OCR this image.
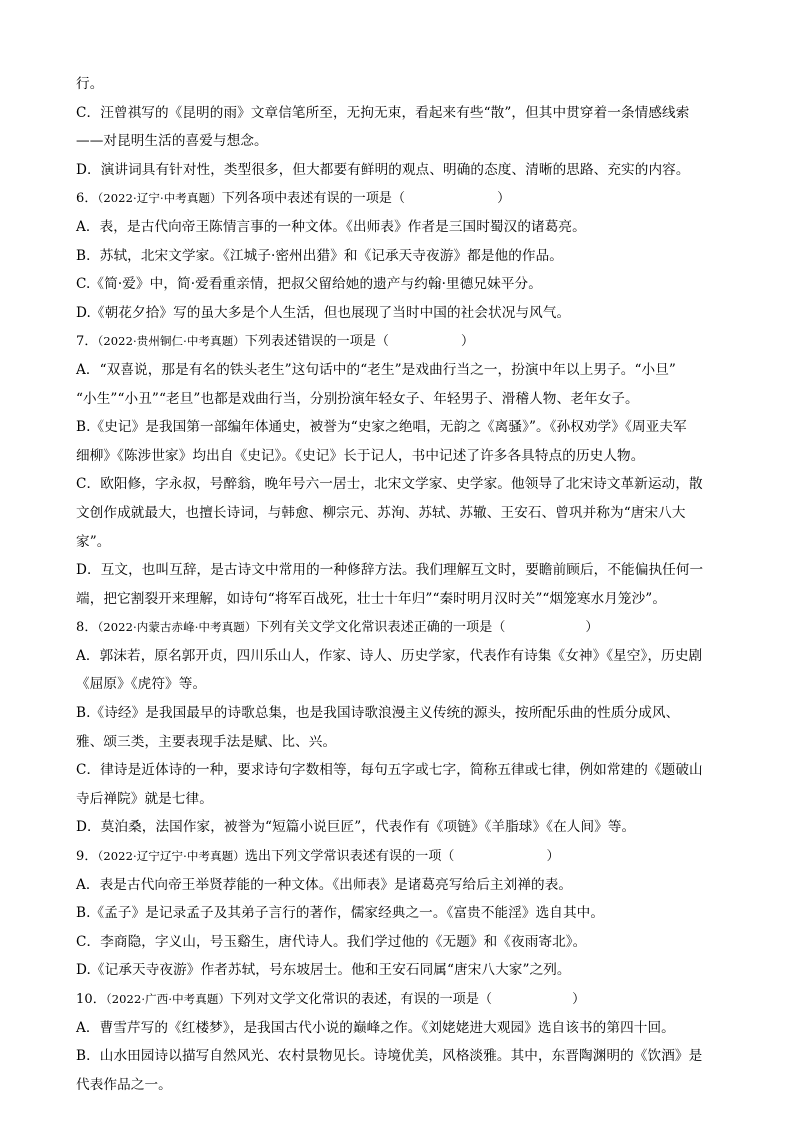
行。
C．汪曾祺写的《昆明的雨》文章信笔所至，无拘无束，看起来有些“散”，但其中贯穿着一条情感线索
——对昆明生活的喜爱与想念。
D．演讲词具有针对性，类型很多，但大都要有鲜明的观点、明确的态度、清晰的思路、充实的内容。
6．（2022·辽宁·中考真题）下列各项中表述有误的一项是（	）
A．表，是古代向帝王陈情言事的一种文体。《出师表》作者是三国时蜀汉的诸葛亮。
B．苏轼，北宋文学家。《江城子·密州出猎》和《记承天寺夜游》都是他的作品。
C.《简·爱》中，简·爱看重亲情，把叔父留给她的遗产与约翰·里德兄妹平分。
D.《朝花夕拾》写的虽大多是个人生活，但也展现了当时中国的社会状况与风气。
7．（2022·贵州铜仁·中考真题）下列表述错误的一项是（	）
A．“双喜说，那是有名的铁头老生”这句话中的“老生”是戏曲行当之一，扮演中年以上男子。“小旦”
“小生”“小丑”“老旦”也都是戏曲行当，分别扮演年轻女子、年轻男子、滑稽人物、老年女子。
B.《史记》是我国第一部编年体通史，被誉为“史家之绝唱，无韵之《离骚》”。《孙权劝学》《周亚夫军
细柳》《陈涉世家》均出自《史记》。《史记》长于记人，书中记述了许多各具特点的历史人物。
C．欧阳修，字永叔，号醉翁，晚年号六一居士，北宋文学家、史学家。他领导了北宋诗文革新运动，散
文创作成就最大，也擅长诗词，与韩愈、柳宗元、苏洵、苏轼、苏辙、王安石、曾巩并称为“唐宋八大
家”。
D．互文，也叫互辞，是古诗文中常用的一种修辞方法。我们理解互文时，要瞻前顾后，不能偏执任何一
端，把它割裂开来理解，如诗句“将军百战死，壮士十年归”“秦时明月汉时关”“烟笼寒水月笼沙”。
8．（2022·内蒙古赤峰·中考真题）下列有关文学文化常识表述正确的一项是（	）
A．郭沫若，原名郭开贞，四川乐山人，作家、诗人、历史学家，代表作有诗集《女神》《星空》，历史剧
《屈原》《虎符》等。
B.《诗经》是我国最早的诗歌总集，也是我国诗歌浪漫主义传统的源头，按所配乐曲的性质分成风、
雅、颂三类，主要表现手法是赋、比、兴。
C．律诗是近体诗的一种，要求诗句字数相等，每句五字或七字，简称五律或七律，例如常建的《题破山
寺后禅院》就是七律。
D．莫泊桑，法国作家，被誉为“短篇小说巨匠”，代表作有《项链》《羊脂球》《在人间》等。
9．（2022·辽宁辽宁·中考真题）选出下列文学常识表述有误的一项（	）
A．表是古代向帝王举贤荐能的一种文体。《出师表》是诸葛亮写给后主刘禅的表。
B.《孟子》是记录孟子及其弟子言行的著作，儒家经典之一。《富贵不能淫》选自其中。
C．李商隐，字义山，号玉谿生，唐代诗人。我们学过他的《无题》和《夜雨寄北》。
D.《记承天寺夜游》作者苏轼，号东坡居士。他和王安石同属“唐宋八大家”之列。
10．（2022·广西·中考真题）下列对文学文化常识的表述，有误的一项是（	）
A．曹雪芹写的《红楼梦》，是我国古代小说的巅峰之作。《刘姥姥进大观园》选自该书的第四十回。
B．山水田园诗以描写自然风光、农村景物见长。诗境优美，风格淡雅。其中，东晋陶渊明的《饮酒》是
代表作品之一。
